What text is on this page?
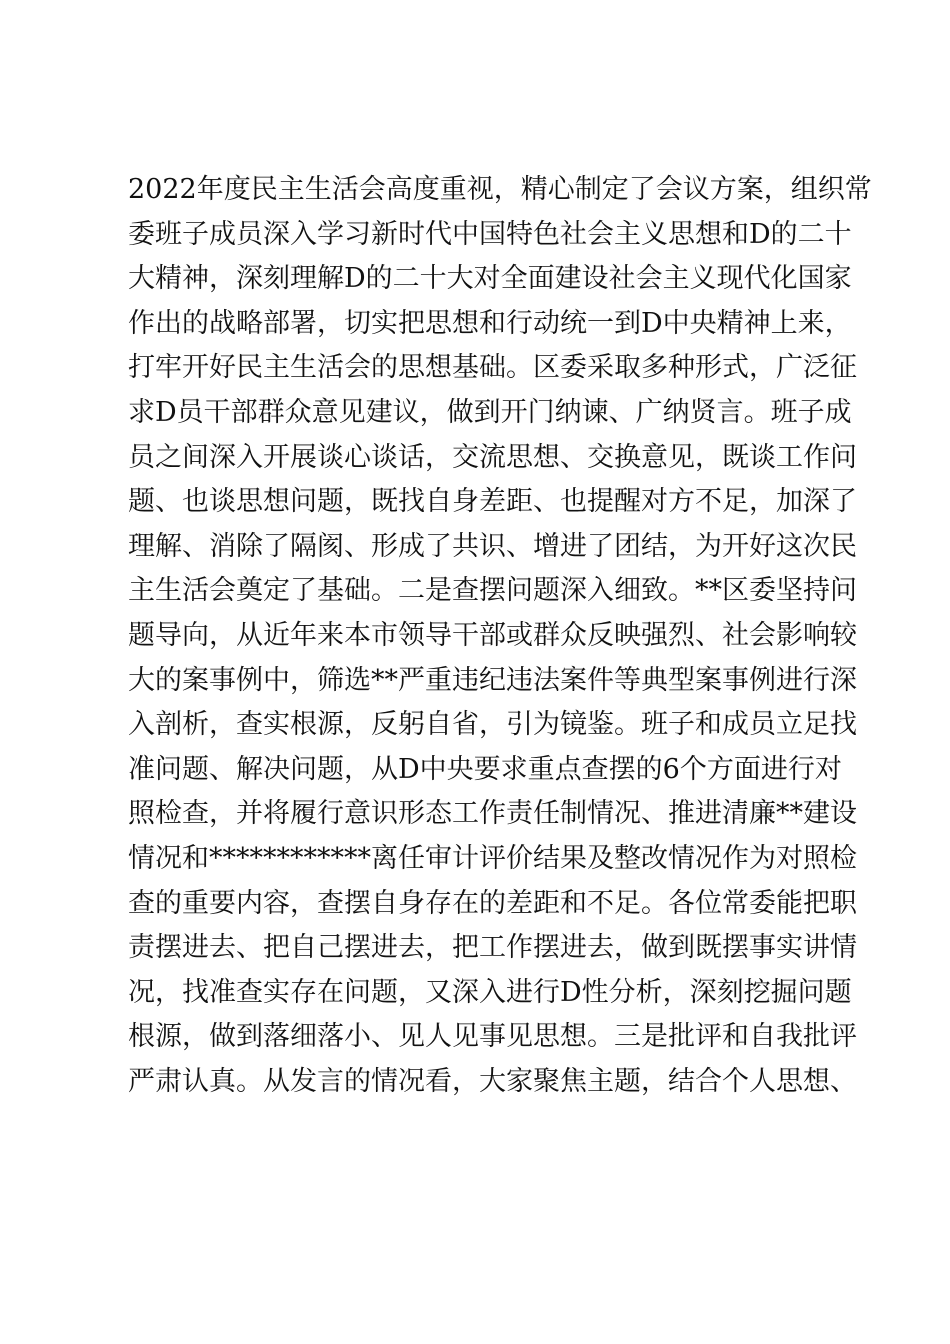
2022年度民主生活会高度重视，精心制定了会议方案，组织常
委班子成员深入学习新时代中国特色社会主义思想和D的二十
大精神，深刻理解D的二十大对全面建设社会主义现代化国家
作出的战略部署，切实把思想和行动统一到D中央精神上来，
打牢开好民主生活会的思想基础。区委采取多种形式，广泛征
求D员干部群众意见建议，做到开门纳谏、广纳贤言。班子成
员之间深入开展谈心谈话，交流思想、交换意见，既谈工作问
题、也谈思想问题，既找自身差距、也提醒对方不足，加深了
理解、消除了隔阂、形成了共识、增进了团结，为开好这次民
主生活会奠定了基础。二是查摆问题深入细致。**区委坚持问
题导向，从近年来本市领导干部或群众反映强烈、社会影响较
大的案事例中，筛选**严重违纪违法案件等典型案事例进行深
入剖析，查实根源，反躬自省，引为镜鉴。班子和成员立足找
准问题、解决问题，从D中央要求重点查摆的6个方面进行对
照检查，并将履行意识形态工作责任制情况、推进清廉**建设
情况和************离任审计评价结果及整改情况作为对照检
查的重要内容，查摆自身存在的差距和不足。各位常委能把职
责摆进去、把自己摆进去，把工作摆进去，做到既摆事实讲情
况，找准查实存在问题，又深入进行D性分析，深刻挖掘问题
根源，做到落细落小、见人见事见思想。三是批评和自我批评
严肃认真。从发言的情况看，大家聚焦主题，结合个人思想、
